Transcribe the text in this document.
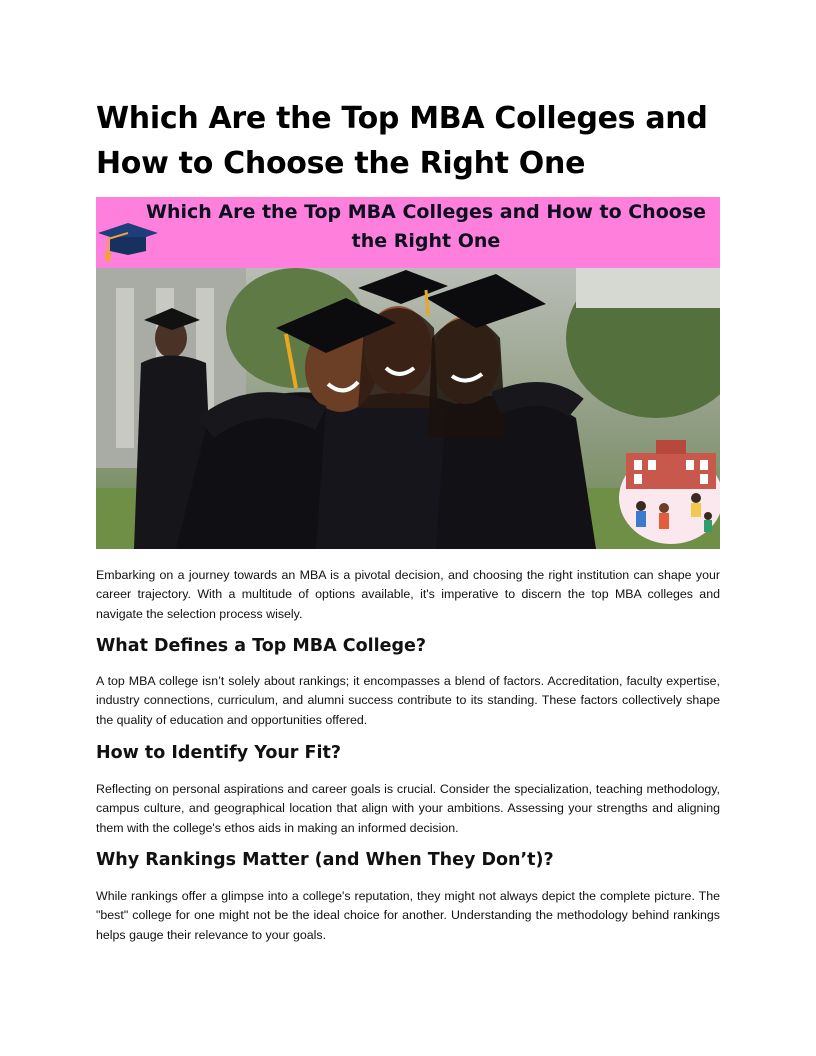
Which Are the Top MBA Colleges and How to Choose the Right One
Which Are the Top MBA Colleges and How to Choose the Right One

Embarking on a journey towards an MBA is a pivotal decision, and choosing the right institution can shape your career trajectory. With a multitude of options available, it's imperative to discern the top MBA colleges and navigate the selection process wisely.

What Defines a Top MBA College?

A top MBA college isn’t solely about rankings; it encompasses a blend of factors. Accreditation, faculty expertise, industry connections, curriculum, and alumni success contribute to its standing. These factors collectively shape the quality of education and opportunities offered.

How to Identify Your Fit?

Reflecting on personal aspirations and career goals is crucial. Consider the specialization, teaching methodology, campus culture, and geographical location that align with your ambitions. Assessing your strengths and aligning them with the college's ethos aids in making an informed decision.

Why Rankings Matter (and When They Don’t)?

While rankings offer a glimpse into a college's reputation, they might not always depict the complete picture. The "best" college for one might not be the ideal choice for another. Understanding the methodology behind rankings helps gauge their relevance to your goals.
